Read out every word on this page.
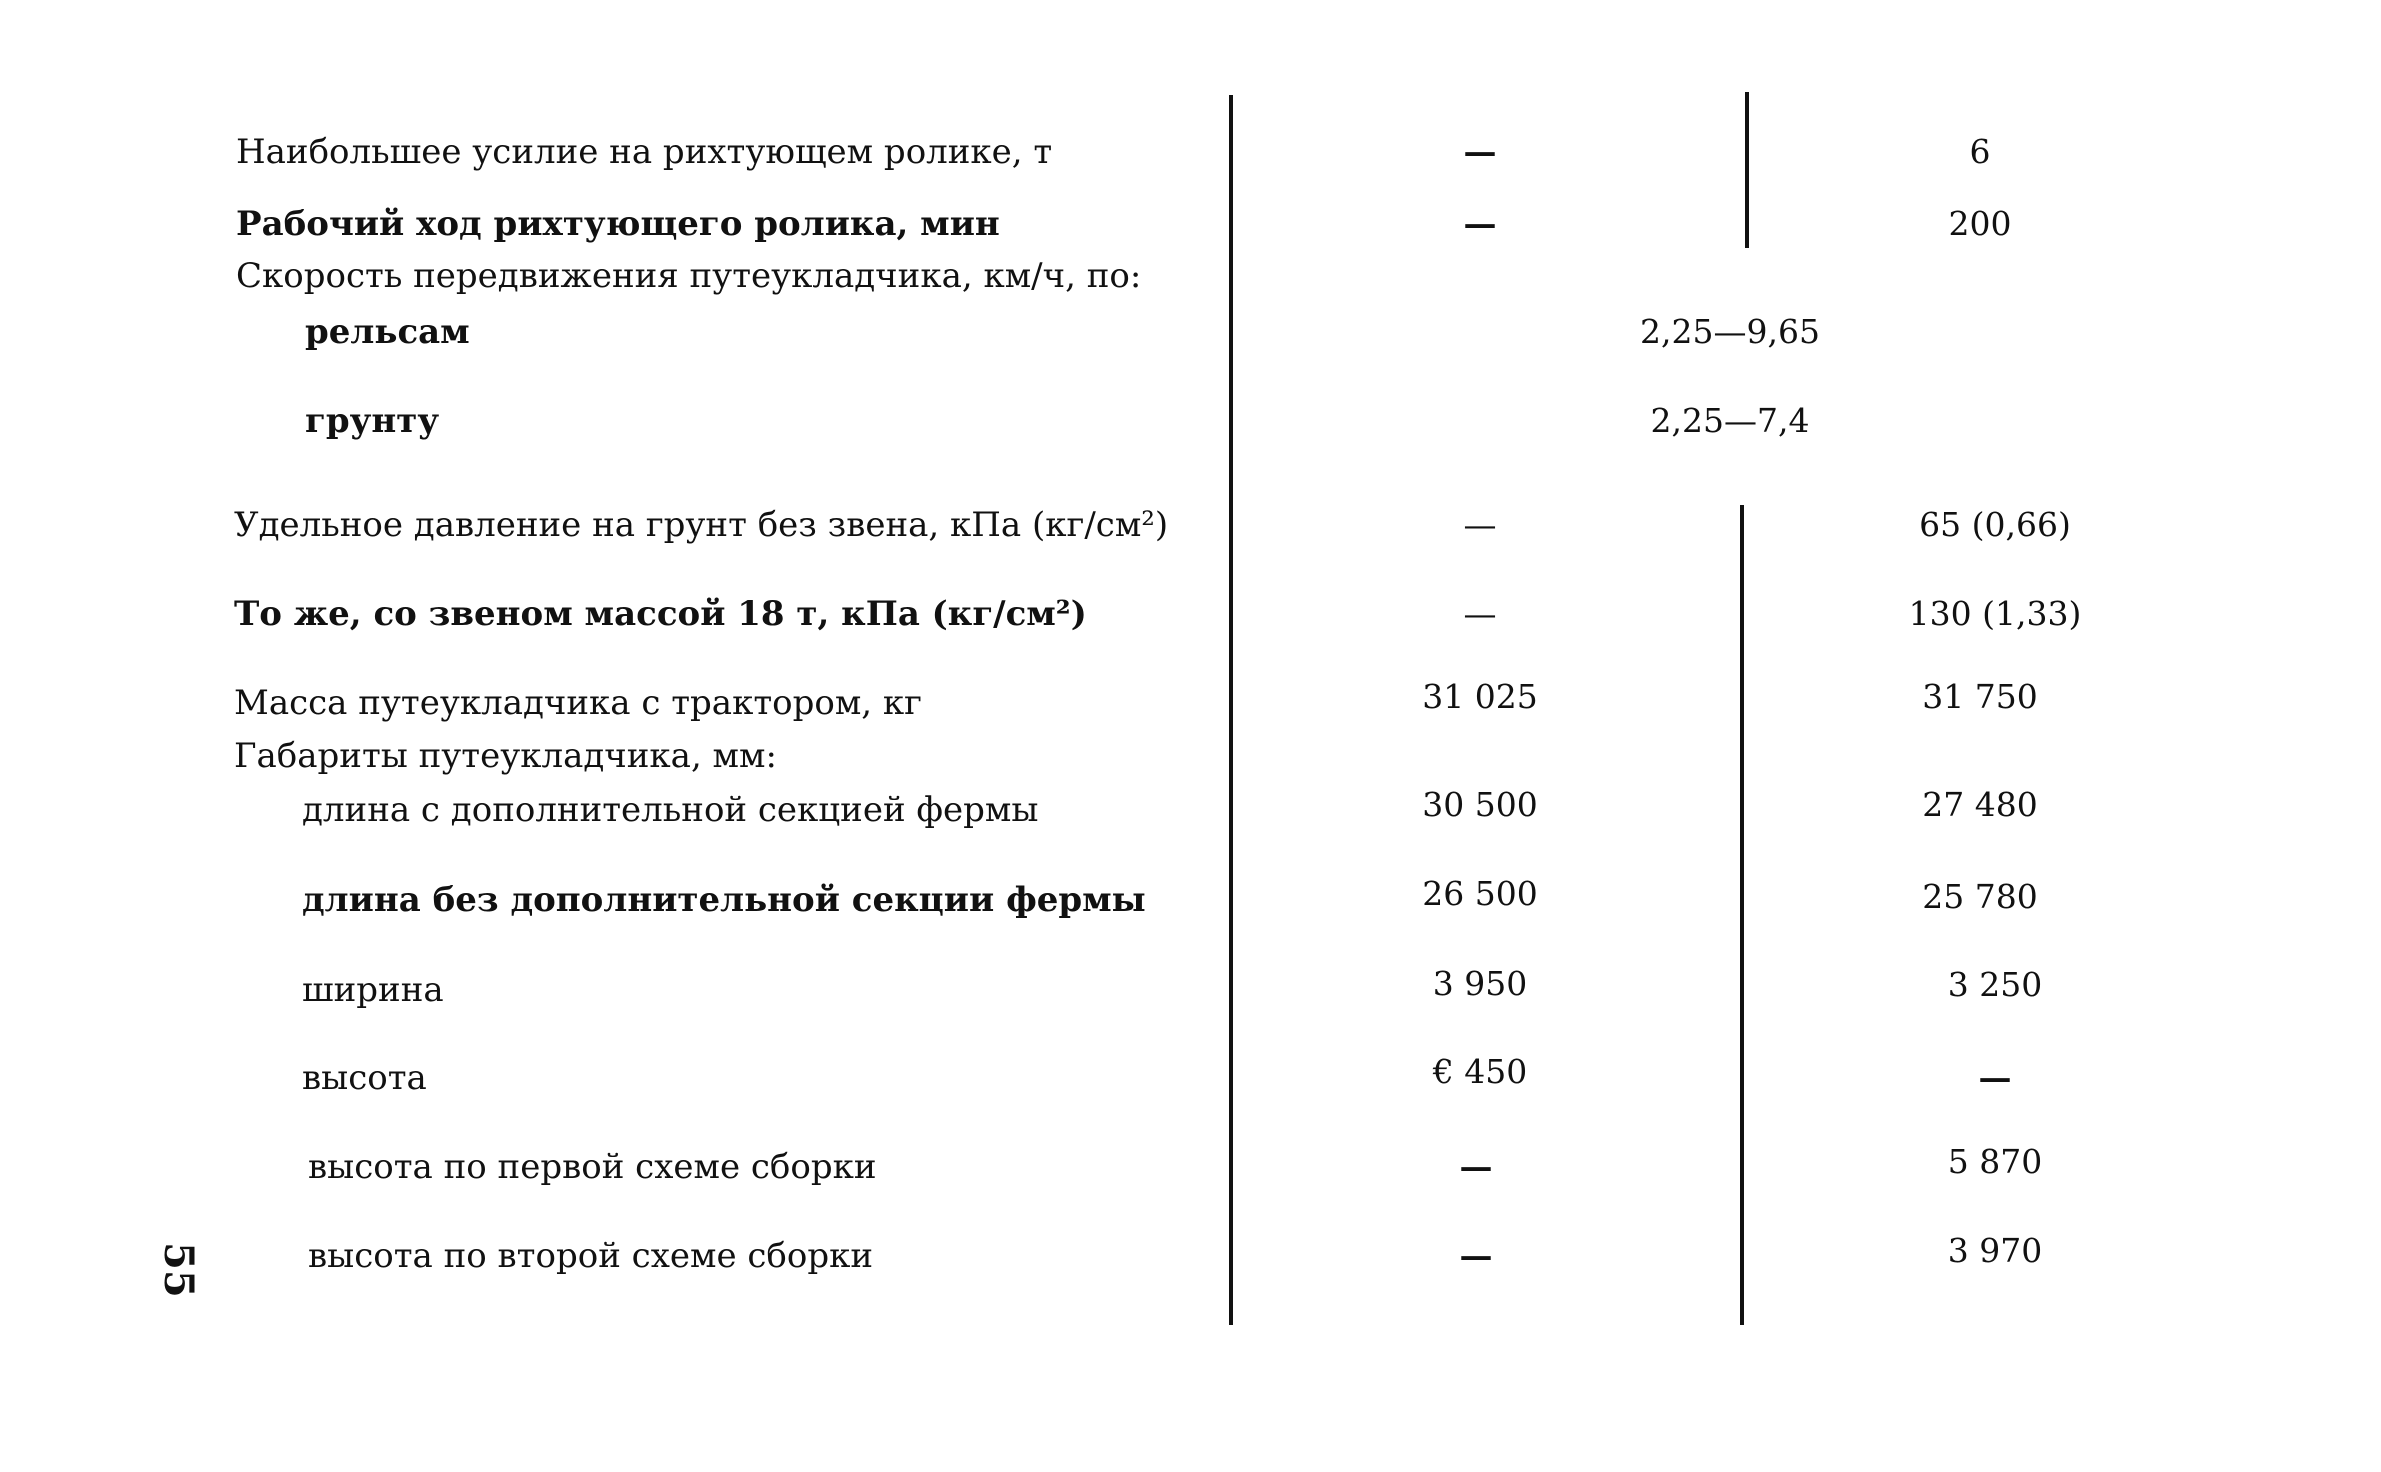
Наибольшее усилие на рихтующем ролике, т	—	6
Рабочий ход рихтующего ролика, мин	—	200
Скорость передвижения путеукладчика, км/ч, по:
рельсам	2,25—9,65
грунту	2,25—7,4
Удельное давление на грунт без звена, кПа (кг/см²)	—	65 (0,66)
То же, со звеном массой 18 т, кПа (кг/см²)	—	130 (1,33)
Масса путеукладчика с трактором, кг	31 025	31 750
Габариты путеукладчика, мм:
длина с дополнительной секцией фермы	30 500	27 480
длина без дополнительной секции фермы	26 500	25 780
ширина	3 950	3 250
высота	€ 450	—
высота по первой схеме сборки	—	5 870
высота по второй схеме сборки	—	3 970
55
